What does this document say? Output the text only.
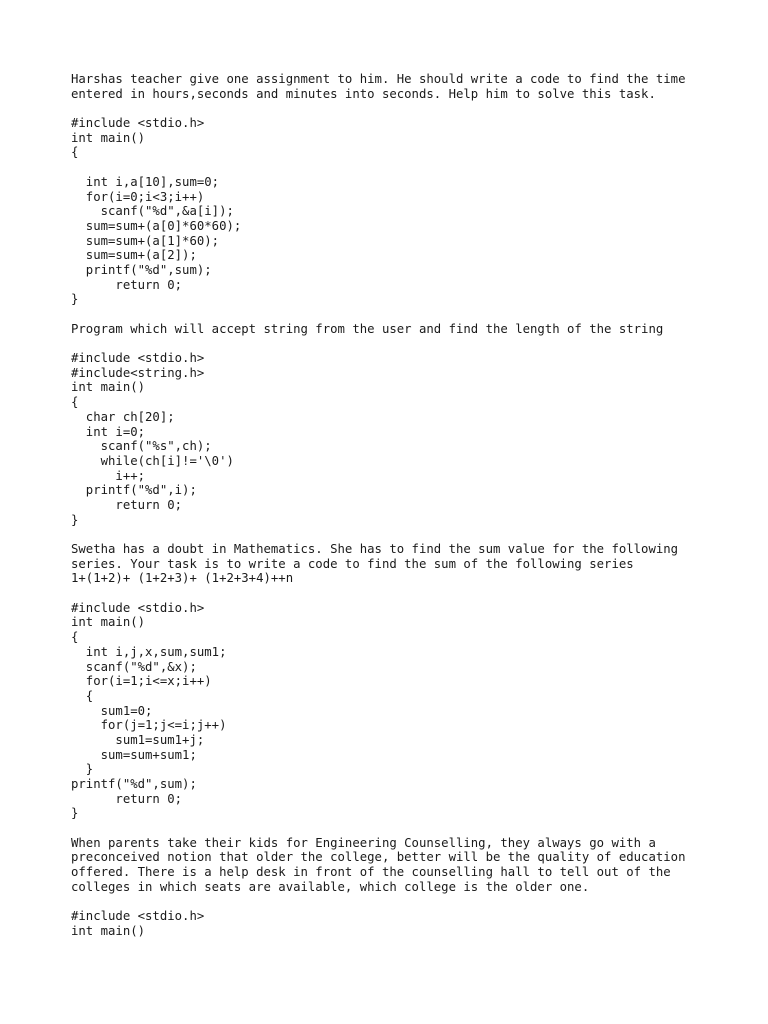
Harshas teacher give one assignment to him. He should write a code to find the time
entered in hours,seconds and minutes into seconds. Help him to solve this task.
#include <stdio.h>
int main()
{
int i,a[10],sum=0;
for(i=0;i<3;i++)
scanf("%d",&a[i]);
sum=sum+(a[0]*60*60);
sum=sum+(a[1]*60);
sum=sum+(a[2]);
printf("%d",sum);
return 0;
}
Program which will accept string from the user and find the length of the string
#include <stdio.h>
#include<string.h>
int main()
{
char ch[20];
int i=0;
scanf("%s",ch);
while(ch[i]!='\0')
i++;
printf("%d",i);
return 0;
}
Swetha has a doubt in Mathematics. She has to find the sum value for the following
series. Your task is to write a code to find the sum of the following series
1+(1+2)+ (1+2+3)+ (1+2+3+4)++n
#include <stdio.h>
int main()
{
int i,j,x,sum,sum1;
scanf("%d",&x);
for(i=1;i<=x;i++)
{
sum1=0;
for(j=1;j<=i;j++)
sum1=sum1+j;
sum=sum+sum1;
}
printf("%d",sum);
return 0;
}
When parents take their kids for Engineering Counselling, they always go with a
preconceived notion that older the college, better will be the quality of education
offered. There is a help desk in front of the counselling hall to tell out of the
colleges in which seats are available, which college is the older one.
#include <stdio.h>
int main()
